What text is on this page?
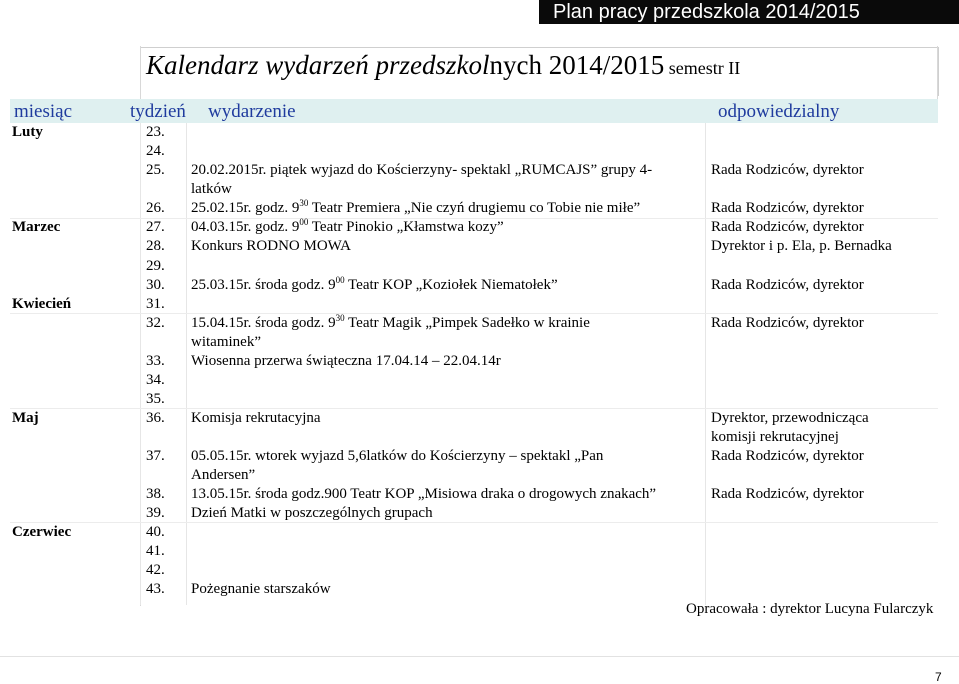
Plan pracy przedszkola 2014/2015
Kalendarz wydarzeń przedszkolnych 2014/2015 semestr II
miesiąc	tydzień wydarzenie	odpowiedzialny
Luty
Marzec
Kwiecień
Maj
Czerwiec
23.
24.
25.
26.
27.
28.
29.
30.
31.
32.
33.
34.
35.
36.
37.
38.
39.
40.
41.
42.
43.
20.02.2015r. piątek wyjazd do Kościerzyny- spektakl „RUMCAJS” grupy 4-
latków
25.02.15r. godz. $9^{30}$ Teatr Premiera „Nie czyń drugiemu co Tobie nie miłe”
04.03.15r. godz. $9^{00}$ Teatr Pinokio „Kłamstwa kozy”
Konkurs RODNO MOWA
25.03.15r. środa godz. $9^{00}$ Teatr KOP „Koziołek Niematołek”
15.04.15r. środa godz. $9^{30}$ Teatr Magik „Pimpek Sadełko w krainie
witaminek”
Wiosenna przerwa świąteczna 17.04.14 – 22.04.14r
Komisja rekrutacyjna
05.05.15r. wtorek wyjazd 5,6latków do Kościerzyny – spektakl „Pan
Andersen”
13.05.15r. środa godz.900 Teatr KOP „Misiowa draka o drogowych znakach”
Dzień Matki w poszczególnych grupach
Pożegnanie starszaków
Rada Rodziców, dyrektor
Rada Rodziców, dyrektor
Rada Rodziców, dyrektor
Dyrektor i p. Ela, p. Bernadka
Rada Rodziców, dyrektor
Rada Rodziców, dyrektor
Dyrektor, przewodnicząca
komisji rekrutacyjnej
Rada Rodziców, dyrektor
Rada Rodziców, dyrektor
Opracowała : dyrektor Lucyna Fularczyk
7
